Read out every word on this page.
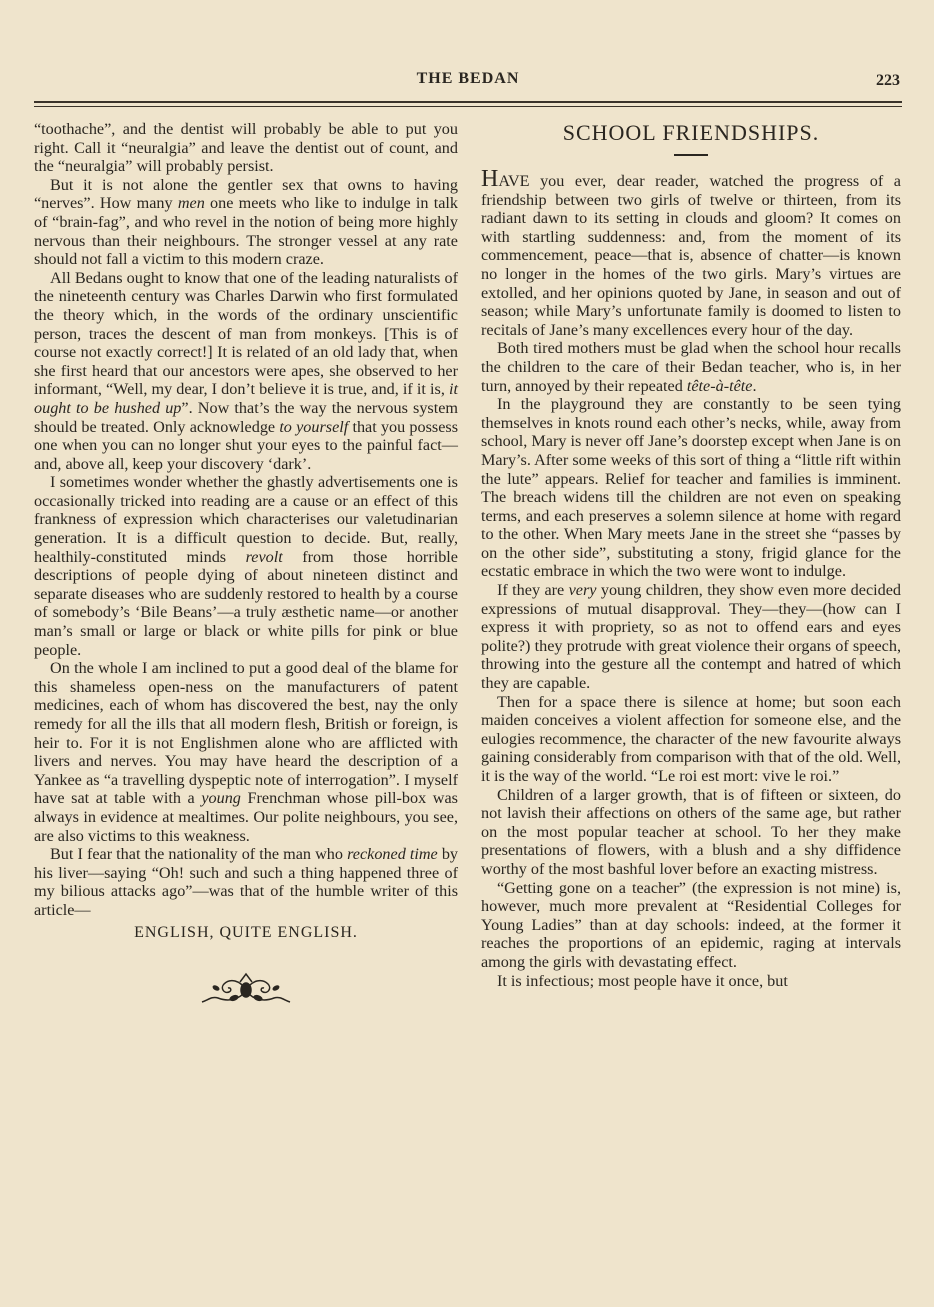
THE BEDAN	223

“toothache”, and the dentist will probably be able to put you right. Call it “neuralgia” and leave the dentist out of count, and the “neuralgia” will probably persist.

But it is not alone the gentler sex that owns to having “nerves”. How many men one meets who like to indulge in talk of “brain-fag”, and who revel in the notion of being more highly nervous than their neighbours. The stronger vessel at any rate should not fall a victim to this modern craze.

All Bedans ought to know that one of the leading naturalists of the nineteenth century was Charles Darwin who first formulated the theory which, in the words of the ordinary unscientific person, traces the descent of man from monkeys. [This is of course not exactly correct!] It is related of an old lady that, when she first heard that our ancestors were apes, she observed to her informant, “Well, my dear, I don’t believe it is true, and, if it is, it ought to be hushed up”. Now that’s the way the nervous system should be treated. Only acknowledge to yourself that you possess one when you can no longer shut your eyes to the painful fact—and, above all, keep your discovery ‘dark’.

I sometimes wonder whether the ghastly advertisements one is occasionally tricked into reading are a cause or an effect of this frankness of expression which characterises our valetudinarian generation. It is a difficult question to decide. But, really, healthily-constituted minds revolt from those horrible descriptions of people dying of about nineteen distinct and separate diseases who are suddenly restored to health by a course of somebody’s ‘Bile Beans’—a truly æsthetic name—or another man’s small or large or black or white pills for pink or blue people.

On the whole I am inclined to put a good deal of the blame for this shameless open-ness on the manufacturers of patent medicines, each of whom has discovered the best, nay the only remedy for all the ills that all modern flesh, British or foreign, is heir to. For it is not Englishmen alone who are afflicted with livers and nerves. You may have heard the description of a Yankee as “a travelling dyspeptic note of interrogation”. I myself have sat at table with a young Frenchman whose pill-box was always in evidence at mealtimes. Our polite neighbours, you see, are also victims to this weakness.

But I fear that the nationality of the man who reckoned time by his liver—saying “Oh! such and such a thing happened three of my bilious attacks ago”—was that of the humble writer of this article—

ENGLISH, QUITE ENGLISH.
SCHOOL FRIENDSHIPS.

HAVE you ever, dear reader, watched the progress of a friendship between two girls of twelve or thirteen, from its radiant dawn to its setting in clouds and gloom? It comes on with startling suddenness: and, from the moment of its commencement, peace—that is, absence of chatter—is known no longer in the homes of the two girls. Mary’s virtues are extolled, and her opinions quoted by Jane, in season and out of season; while Mary’s unfortunate family is doomed to listen to recitals of Jane’s many excellences every hour of the day.

Both tired mothers must be glad when the school hour recalls the children to the care of their Bedan teacher, who is, in her turn, annoyed by their repeated tête-à-tête.

In the playground they are constantly to be seen tying themselves in knots round each other’s necks, while, away from school, Mary is never off Jane’s doorstep except when Jane is on Mary’s. After some weeks of this sort of thing a “little rift within the lute” appears. Relief for teacher and families is imminent. The breach widens till the children are not even on speaking terms, and each preserves a solemn silence at home with regard to the other. When Mary meets Jane in the street she “passes by on the other side”, substituting a stony, frigid glance for the ecstatic embrace in which the two were wont to indulge.

If they are very young children, they show even more decided expressions of mutual disapproval. They—they—(how can I express it with propriety, so as not to offend ears and eyes polite?) they protrude with great violence their organs of speech, throwing into the gesture all the contempt and hatred of which they are capable.

Then for a space there is silence at home; but soon each maiden conceives a violent affection for someone else, and the eulogies recommence, the character of the new favourite always gaining considerably from comparison with that of the old. Well, it is the way of the world. “Le roi est mort: vive le roi.”

Children of a larger growth, that is of fifteen or sixteen, do not lavish their affections on others of the same age, but rather on the most popular teacher at school. To her they make presentations of flowers, with a blush and a shy diffidence worthy of the most bashful lover before an exacting mistress.

“Getting gone on a teacher” (the expression is not mine) is, however, much more prevalent at “Residential Colleges for Young Ladies” than at day schools: indeed, at the former it reaches the proportions of an epidemic, raging at intervals among the girls with devastating effect.

It is infectious; most people have it once, but
